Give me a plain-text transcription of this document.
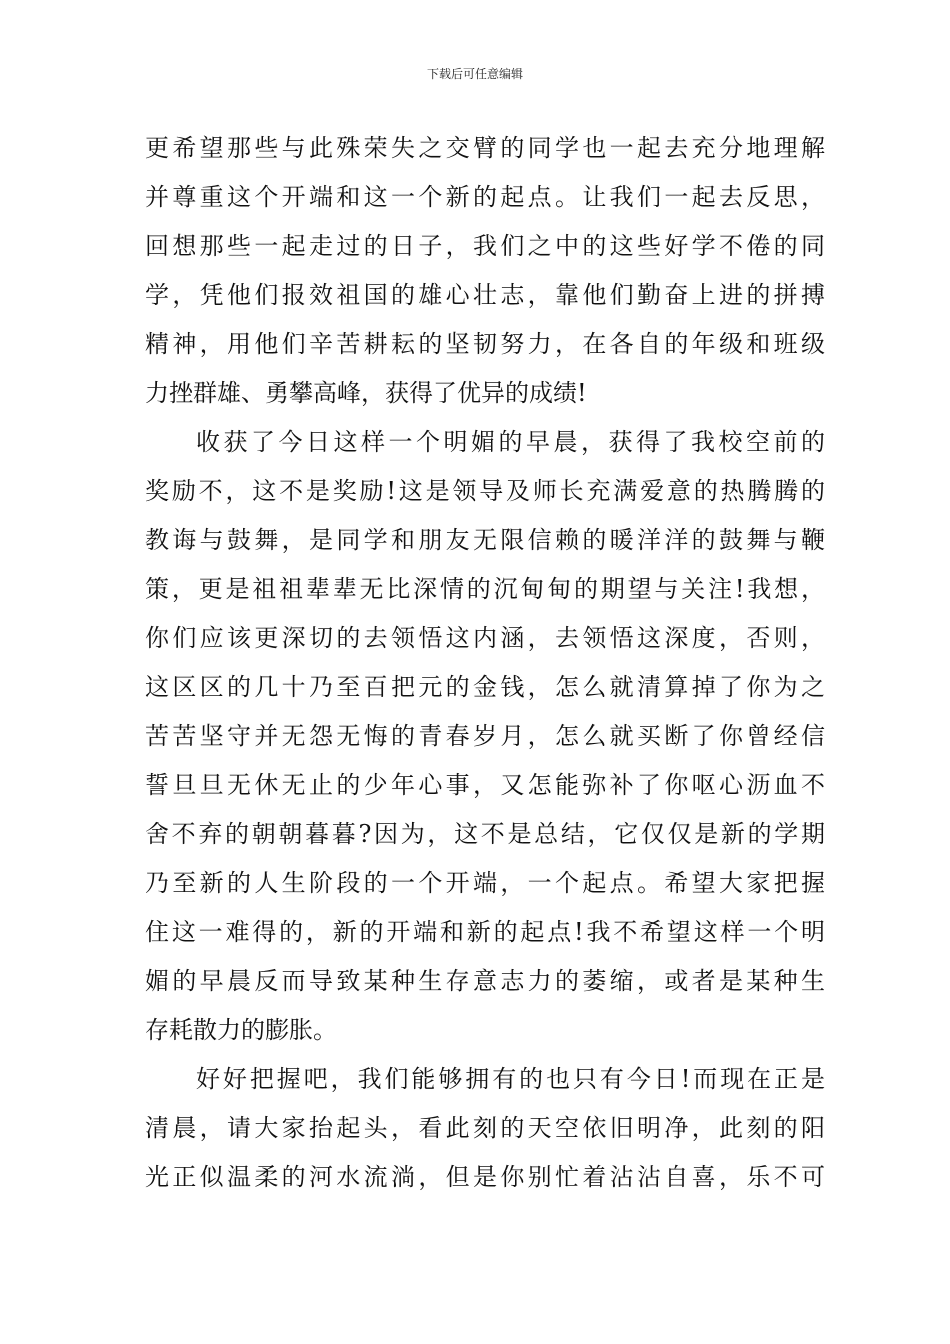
下载后可任意编辑
更希望那些与此殊荣失之交臂的同学也一起去充分地理解
并尊重这个开端和这一个新的起点。让我们一起去反思，
回想那些一起走过的日子，我们之中的这些好学不倦的同
学，凭他们报效祖国的雄心壮志，靠他们勤奋上进的拼搏
精神，用他们辛苦耕耘的坚韧努力，在各自的年级和班级
力挫群雄、勇攀高峰，获得了优异的成绩!
收获了今日这样一个明媚的早晨，获得了我校空前的
奖励不，这不是奖励!这是领导及师长充满爱意的热腾腾的
教诲与鼓舞，是同学和朋友无限信赖的暖洋洋的鼓舞与鞭
策，更是祖祖辈辈无比深情的沉甸甸的期望与关注!我想，
你们应该更深切的去领悟这内涵，去领悟这深度，否则，
这区区的几十乃至百把元的金钱，怎么就清算掉了你为之
苦苦坚守并无怨无悔的青春岁月，怎么就买断了你曾经信
誓旦旦无休无止的少年心事，又怎能弥补了你呕心沥血不
舍不弃的朝朝暮暮?因为，这不是总结，它仅仅是新的学期
乃至新的人生阶段的一个开端，一个起点。希望大家把握
住这一难得的，新的开端和新的起点!我不希望这样一个明
媚的早晨反而导致某种生存意志力的萎缩，或者是某种生
存耗散力的膨胀。
好好把握吧，我们能够拥有的也只有今日!而现在正是
清晨，请大家抬起头，看此刻的天空依旧明净，此刻的阳
光正似温柔的河水流淌，但是你别忙着沾沾自喜，乐不可
